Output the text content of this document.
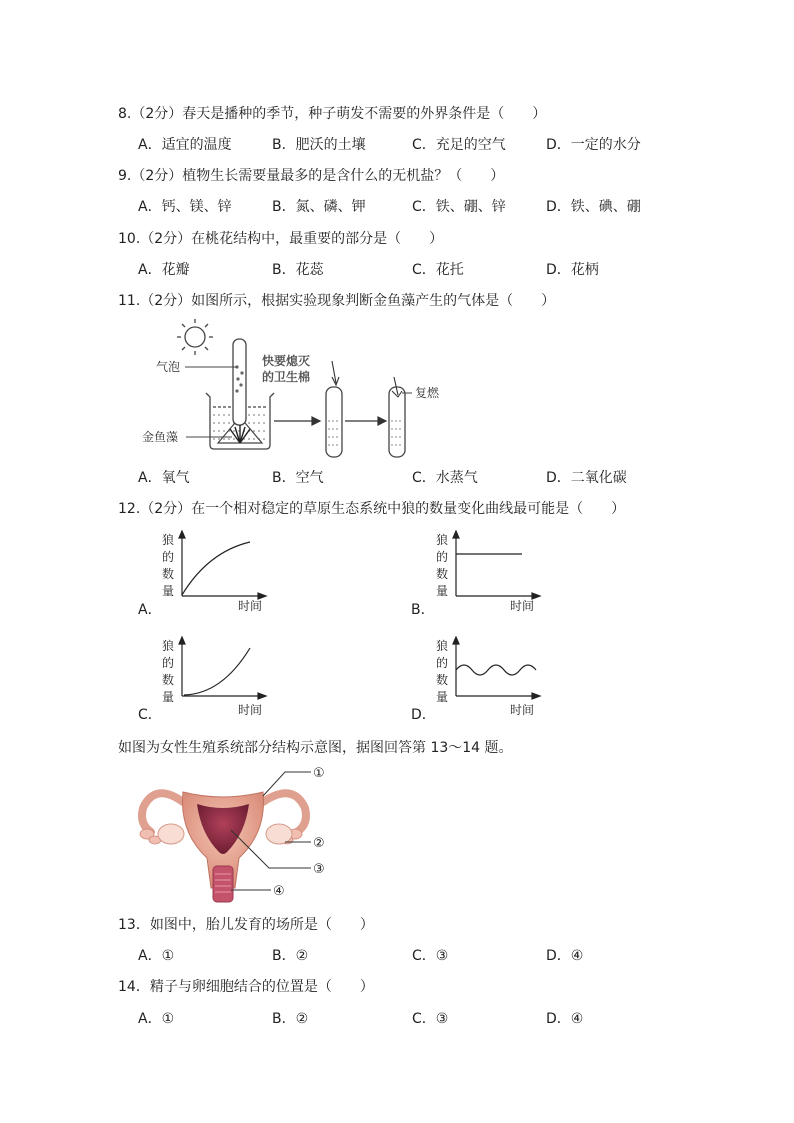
8.（2分）春天是播种的季节，种子萌发不需要的外界条件是（　　）
A．适宜的温度	B．肥沃的土壤	C．充足的空气	D．一定的水分
9.（2分）植物生长需要量最多的是含什么的无机盐？（　　）
A．钙、镁、锌	B．氮、磷、钾	C．铁、硼、锌	D．铁、碘、硼
10.（2分）在桃花结构中，最重要的部分是（　　）
A．花瓣	B．花蕊	C．花托	D．花柄
11.（2分）如图所示，根据实验现象判断金鱼藻产生的气体是（　　）
气泡
金鱼藻
快要熄灭
的卫生棉
复燃
A．氧气	B．空气	C．水蒸气	D．二氧化碳
12.（2分）在一个相对稳定的草原生态系统中狼的数量变化曲线最可能是（　　）
狼
的
数
量
时间
A．
狼
的
数
量
时间
B．
狼
的
数
量
时间
C．
狼
的
数
量
时间
D．
如图为女性生殖系统部分结构示意图，据图回答第 13～14 题。
①
②
③
④
13．如图中，胎儿发育的场所是（　　）
A．①	B．②	C．③	D．④
14．精子与卵细胞结合的位置是（　　）
A．①	B．②	C．③	D．④
